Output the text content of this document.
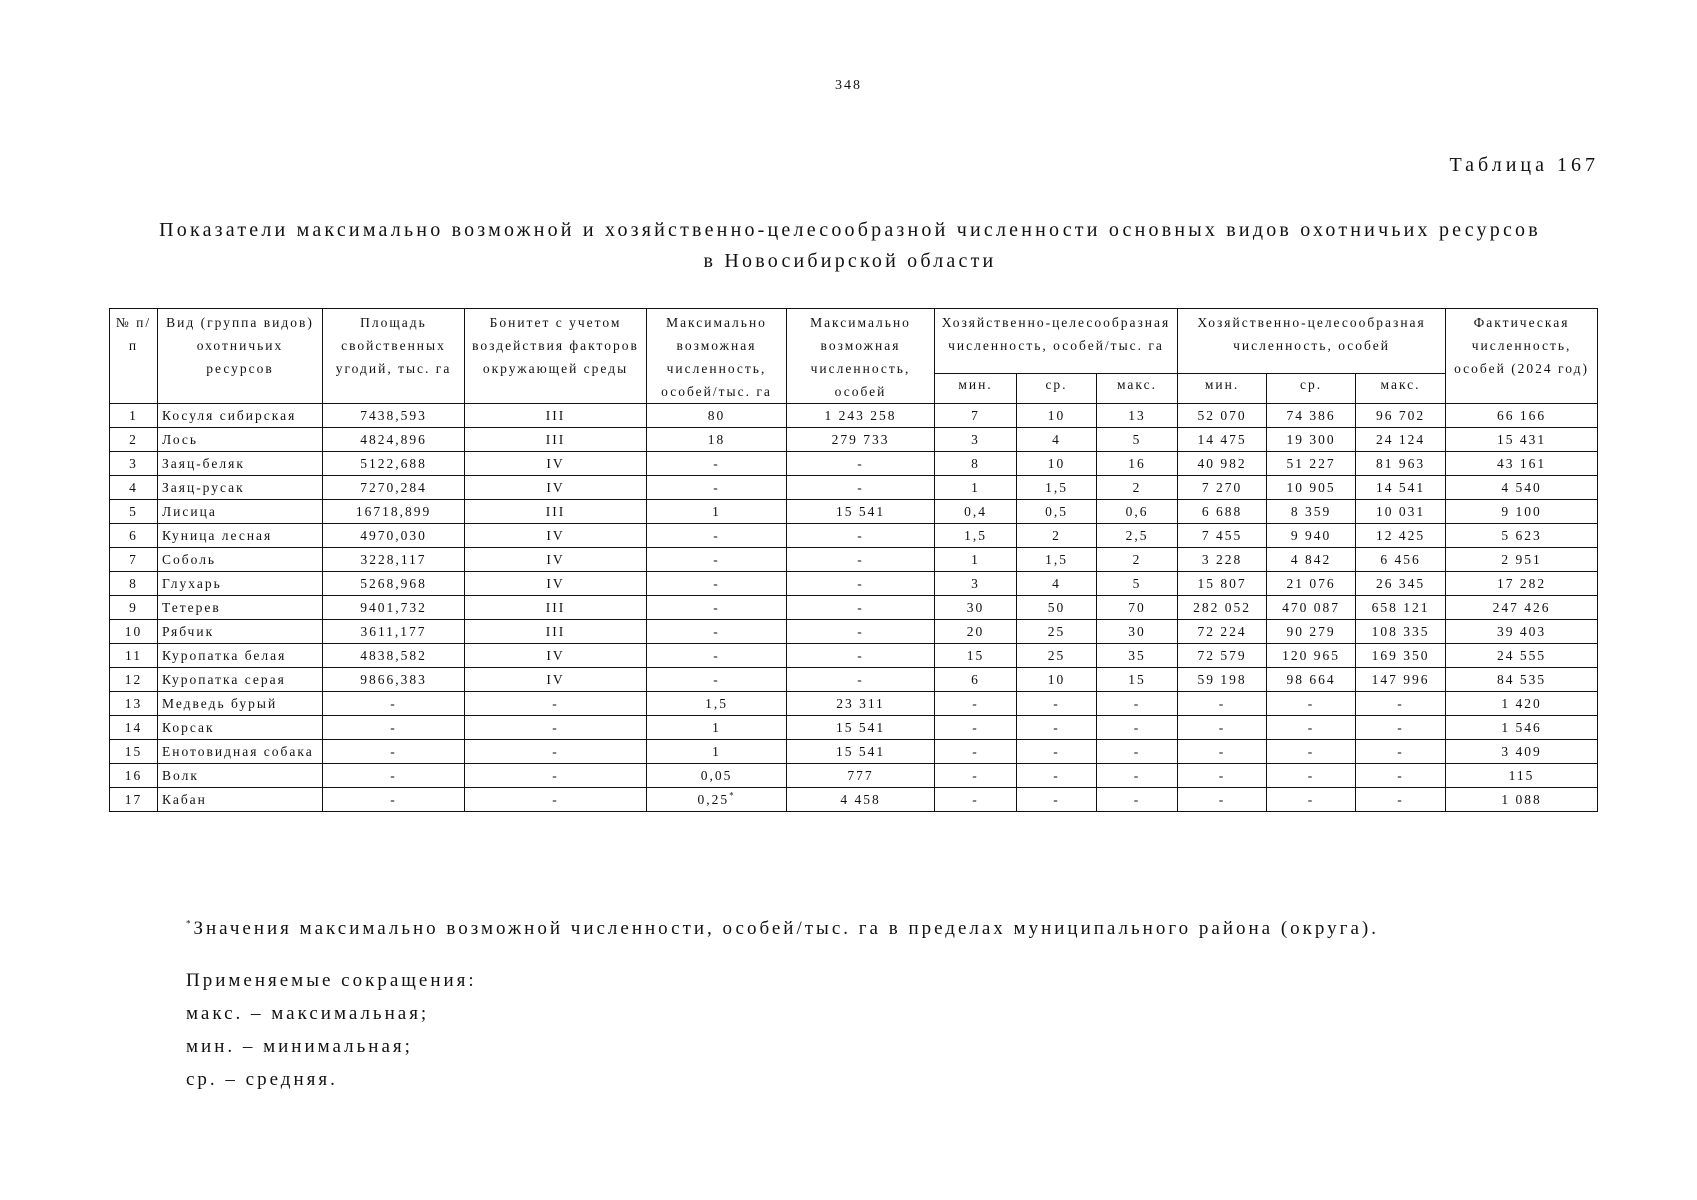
348
Таблица 167
Показатели максимально возможной и хозяйственно-целесообразной численности основных видов охотничьих ресурсов
в Новосибирской области
№ п/п	Вид (группа видов) охотничьих ресурсов	Площадь свойственных угодий, тыс. га	Бонитет с учетом воздействия факторов окружающей среды	Максимально возможная численность, особей/тыс. га	Максимально возможная численность, особей	Хозяйственно-целесообразная численность, особей/тыс. га			Хозяйственно-целесообразная численность, особей			Фактическая численность, особей (2024 год)
						мин.	ср.	макс.	мин.	ср.	макс.	
1	Косуля сибирская	7438,593	III	80	1 243 258	7	10	13	52 070	74 386	96 702	66 166
2	Лось	4824,896	III	18	279 733	3	4	5	14 475	19 300	24 124	15 431
3	Заяц-беляк	5122,688	IV	-	-	8	10	16	40 982	51 227	81 963	43 161
4	Заяц-русак	7270,284	IV	-	-	1	1,5	2	7 270	10 905	14 541	4 540
5	Лисица	16718,899	III	1	15 541	0,4	0,5	0,6	6 688	8 359	10 031	9 100
6	Куница лесная	4970,030	IV	-	-	1,5	2	2,5	7 455	9 940	12 425	5 623
7	Соболь	3228,117	IV	-	-	1	1,5	2	3 228	4 842	6 456	2 951
8	Глухарь	5268,968	IV	-	-	3	4	5	15 807	21 076	26 345	17 282
9	Тетерев	9401,732	III	-	-	30	50	70	282 052	470 087	658 121	247 426
10	Рябчик	3611,177	III	-	-	20	25	30	72 224	90 279	108 335	39 403
11	Куропатка белая	4838,582	IV	-	-	15	25	35	72 579	120 965	169 350	24 555
12	Куропатка серая	9866,383	IV	-	-	6	10	15	59 198	98 664	147 996	84 535
13	Медведь бурый	-	-	1,5	23 311	-	-	-	-	-	-	1 420
14	Корсак	-	-	1	15 541	-	-	-	-	-	-	1 546
15	Енотовидная собака	-	-	1	15 541	-	-	-	-	-	-	3 409
16	Волк	-	-	0,05	777	-	-	-	-	-	-	115
17	Кабан	-	-	0,25*	4 458	-	-	-	-	-	-	1 088
*Значения максимально возможной численности, особей/тыс. га в пределах муниципального района (округа).
Применяемые сокращения:
макс. – максимальная;
мин. – минимальная;
ср. – средняя.
